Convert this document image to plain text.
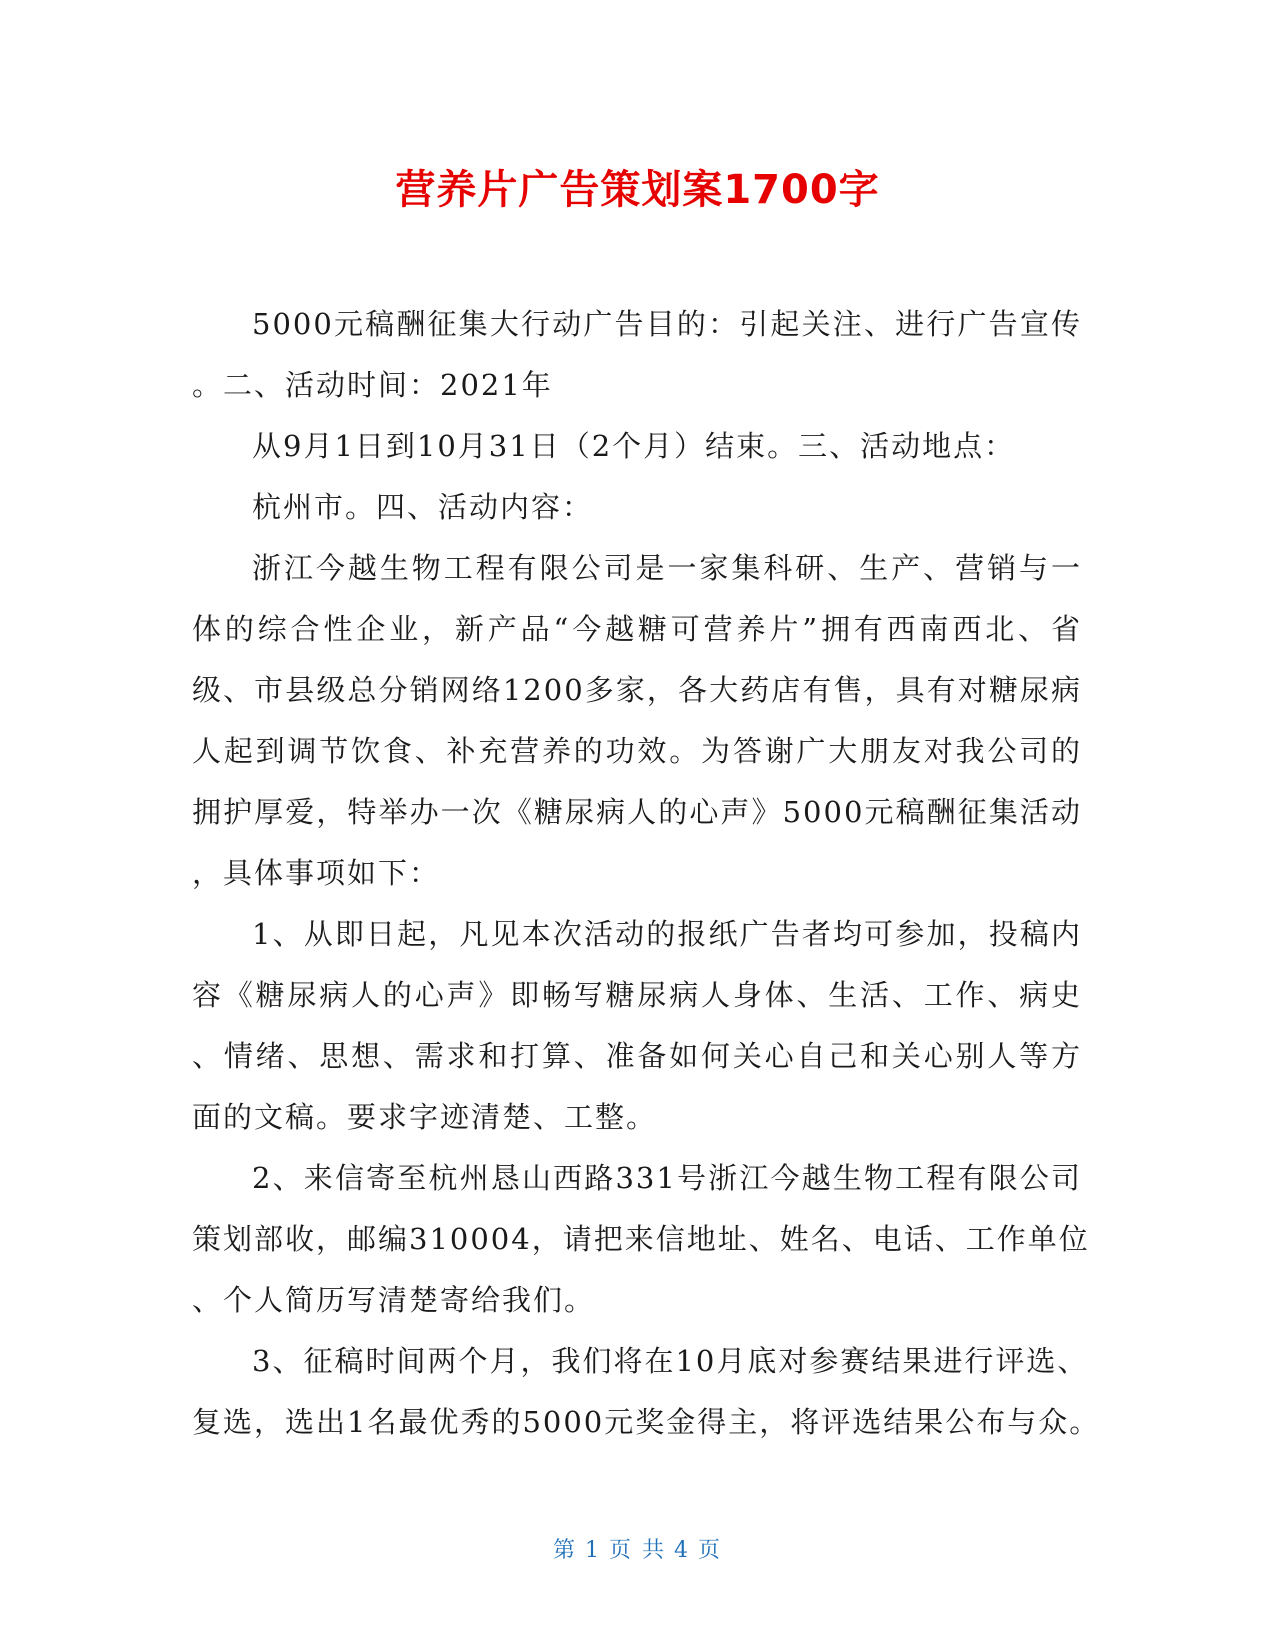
营养片广告策划案1700字
5000元稿酬征集大行动广告目的：引起关注、进行广告宣传
。二、活动时间：2021年
从9月1日到10月31日（2个月）结束。三、活动地点：
杭州市。四、活动内容：
浙江今越生物工程有限公司是一家集科研、生产、营销与一
体的综合性企业，新产品“今越糖可营养片”拥有西南西北、省
级、市县级总分销网络1200多家，各大药店有售，具有对糖尿病
人起到调节饮食、补充营养的功效。为答谢广大朋友对我公司的
拥护厚爱，特举办一次《糖尿病人的心声》5000元稿酬征集活动
，具体事项如下：
1、从即日起，凡见本次活动的报纸广告者均可参加，投稿内
容《糖尿病人的心声》即畅写糖尿病人身体、生活、工作、病史
、情绪、思想、需求和打算、准备如何关心自己和关心别人等方
面的文稿。要求字迹清楚、工整。
2、来信寄至杭州恳山西路331号浙江今越生物工程有限公司
策划部收，邮编310004，请把来信地址、姓名、电话、工作单位
、个人简历写清楚寄给我们。
3、征稿时间两个月，我们将在10月底对参赛结果进行评选、
复选，选出1名最优秀的5000元奖金得主，将评选结果公布与众。
第 1 页 共 4 页
